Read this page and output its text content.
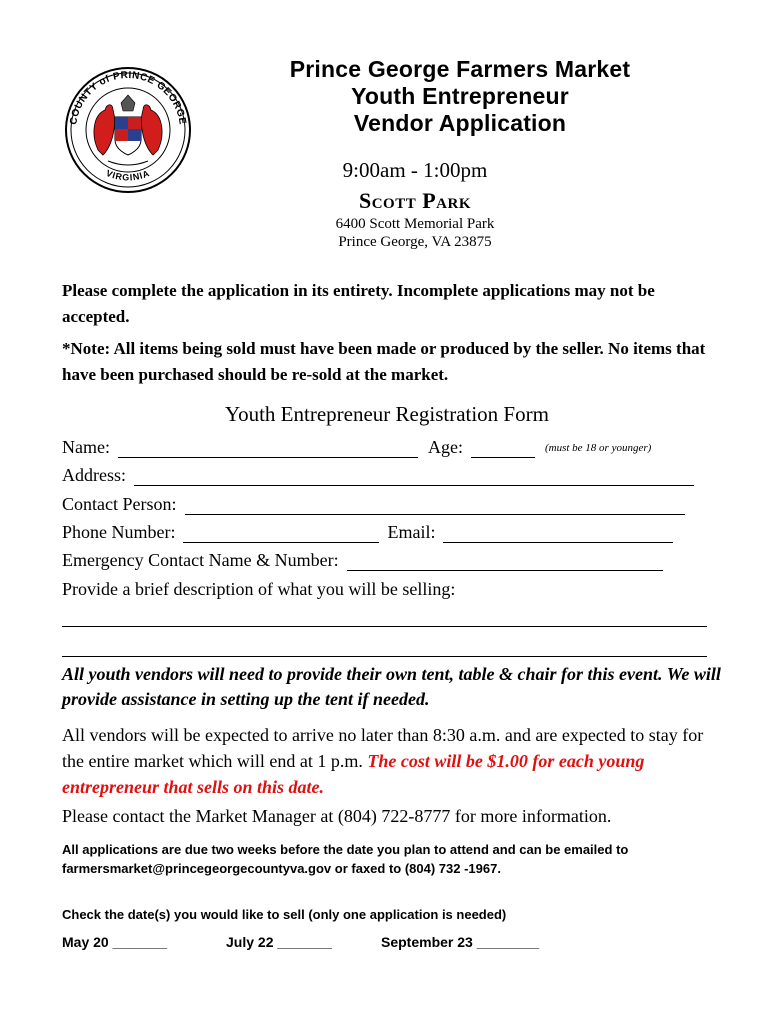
COUNTY of PRINCE GEORGE
VIRGINIA
Prince George Farmers Market
Youth Entrepreneur
Vendor Application
9:00am - 1:00pm
Scott Park
6400 Scott Memorial Park
Prince George, VA 23875
Please complete the application in its entirety. Incomplete applications may not be accepted.
*Note: All items being sold must have been made or produced by the seller. No items that have been purchased should be re-sold at the market.
Youth Entrepreneur Registration Form
Name:	Age:	(must be 18 or younger)
Address:
Contact Person:
Phone Number:	Email:
Emergency Contact Name & Number:
Provide a brief description of what you will be selling:
All youth vendors will need to provide their own tent, table & chair for this event. We will provide assistance in setting up the tent if needed.
All vendors will be expected to arrive no later than 8:30 a.m. and are expected to stay for the entire market which will end at 1 p.m. The cost will be $1.00 for each young entrepreneur that sells on this date.
Please contact the Market Manager at (804) 722-8777 for more information.
All applications are due two weeks before the date you plan to attend and can be emailed to farmersmarket@princegeorgecountyva.gov or faxed to (804) 732 -1967.
Check the date(s) you would like to sell (only one application is needed)
May 20 _______	July 22 _______	September 23 ________
